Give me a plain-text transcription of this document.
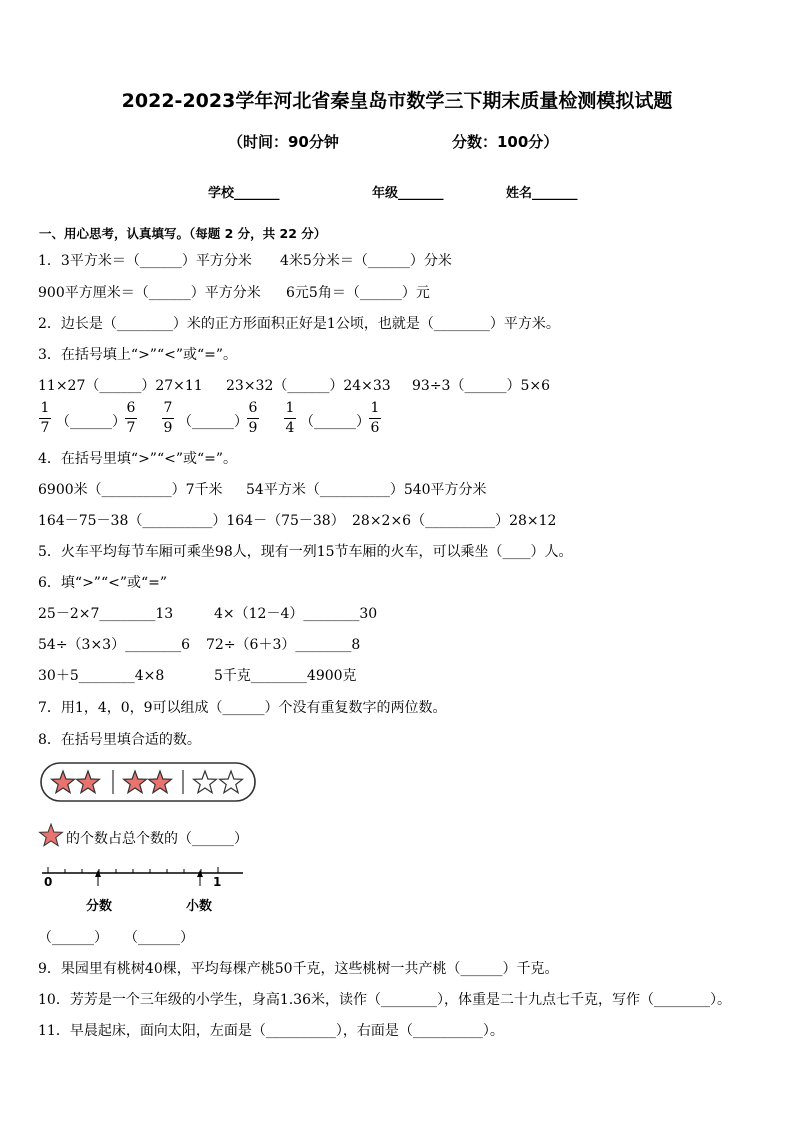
2022-2023学年河北省秦皇岛市数学三下期末质量检测模拟试题
（时间：90分钟	分数：100分）
学校_______	年级_______	姓名_______
一、用心思考，认真填写。（每题 2 分，共 22 分）
1．3平方米＝（______）平方分米 4米5分米＝（______）分米
900平方厘米＝（______）平方分米 6元5角＝（______）元
2．边长是（________）米的正方形面积正好是1公顷，也就是（________）平方米。
3．在括号填上“>”“<”或“=”。
11×27（______）27×11 23×32（______）24×33 93÷3（______）5×6
1
7 （______）
6
7
7
9 （______）
6
9
1
4 （______）
1
6
4．在括号里填“>”“<”或“=”。
6900米（__________）7千米 54平方米（__________）540平方分米
164－75－38（__________）164－（75－38） 28×2×6（__________）28×12
5．火车平均每节车厢可乘坐98人，现有一列15节车厢的火车，可以乘坐（____）人。
6．填“>”“<”或“=”
25－2×7________13	4×（12－4）________30
54÷（3×3）________6 72÷（6＋3）________8
30＋5________4×8	5千克________4900克
7．用1，4，0，9可以组成（______）个没有重复数字的两位数。
8．在括号里填合适的数。
的个数占总个数的（______）
0	1
分数	小数
（______） （______）
9．果园里有桃树40棵，平均每棵产桃50千克，这些桃树一共产桃（______）千克。
10．芳芳是一个三年级的小学生，身高1.36米，读作（________），体重是二十九点七千克，写作（________）。
11．早晨起床，面向太阳，左面是（__________），右面是（__________）。
